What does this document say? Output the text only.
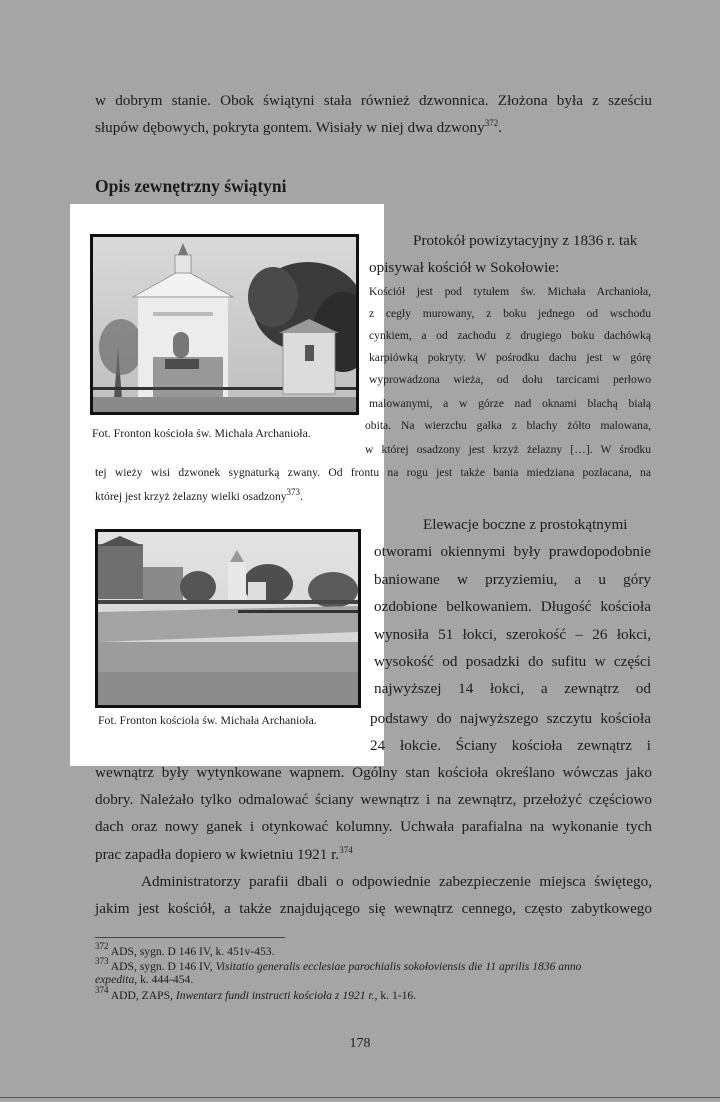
w dobrym stanie. Obok świątyni stała również dzwonnica. Złożona była z sześciu

słupów dębowych, pokryta gontem. Wisiały w niej dwa dzwony$^{372}$.

Opis zewnętrzny świątyni
Fot. Fronton kościoła św. Michała Archanioła.
Fot. Fronton kościoła św. Michała Archanioła.

Protokół powizytacyjny z 1836 r. tak

opisywał kościół w Sokołowie:

Kościół jest pod tytułem św. Michała Archanioła,

z cegły murowany, z boku jednego od wschodu

cynkiem, a od zachodu z drugiego boku dachówką

karpiówką pokryty. W pośrodku dachu jest w górę

wyprowadzona wieża, od dołu tarcicami perłowo

malowanymi, a w górze nad oknami blachą białą

obita. Na wierzchu gałka z blachy żółto malowana,

w której osadzony jest krzyż żelazny […]. W środku

tej wieży wisi dzwonek sygnaturką zwany. Od frontu na rogu jest także bania miedziana pozłacana, na

której jest krzyż żelazny wielki osadzony$^{373}$.

Elewacje boczne z prostokątnymi

otworami okiennymi były prawdopodobnie

baniowane w przyziemiu, a u góry

ozdobione belkowaniem. Długość kościoła

wynosiła 51 łokci, szerokość – 26 łokci,

wysokość od posadzki do sufitu w części

najwyższej 14 łokci, a zewnątrz od

podstawy do najwyższego szczytu kościoła

24 łokcie. Ściany kościoła zewnątrz i

wewnątrz były wytynkowane wapnem. Ogólny stan kościoła określano wówczas jako

dobry. Należało tylko odmalować ściany wewnątrz i na zewnątrz, przełożyć częściowo

dach oraz nowy ganek i otynkować kolumny. Uchwała parafialna na wykonanie tych

prac zapadła dopiero w kwietniu 1921 r.$^{374}$

Administratorzy parafii dbali o odpowiednie zabezpieczenie miejsca świętego,

jakim jest kościół, a także znajdującego się wewnątrz cennego, często zabytkowego

$^{372}$ ADS, sygn. D 146 IV, k. 451v-453.
$^{373}$ ADS, sygn. D 146 IV, Visitatio generalis ecclesiae parochialis sokołoviensis die 11 aprilis 1836 anno
expedita, k. 444-454.
$^{374}$ ADD, ZAPS, Inwentarz fundi instructi kościoła z 1921 r., k. 1-16.
178
